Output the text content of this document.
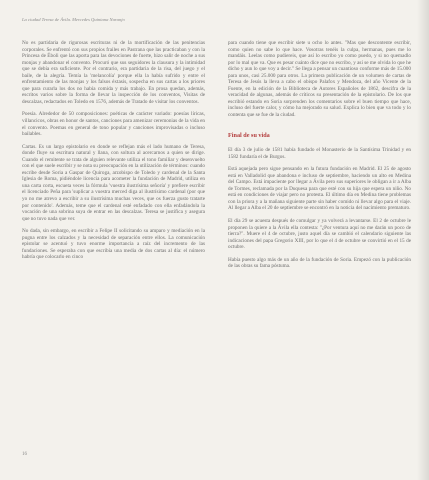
La ciudad Teresa de Ávila. Mercedes Quintana Naranjo

No es partidaria de rigurosas escrituras ni de la mortificación de las penitencias corporales. Se enfrentó con sus propios frailes en Pastrana que las practicaban y con la Princesa de Éboli que las aporta para las devociones de fuerte, hizo salir de noche a sus monjas y abandonar el convento. Procuró que sus seguidores la clausura y la intimidad que se debía era suficiente. Por el contrario, era partidaria de la risa, del juego y el baile, de la alegría. Temía la 'melancolía' porque ella la había sufrido y entre el enfrentamiento de las monjas y los falsos éxtasis, sospecha en sus cartas a los priores que para curarla los dos no había comida y más trabajo. En prosa quedan, además, escritos varios sobre la forma de llevar la inspección de los conventos, Visitas de descalzas, redactados en Toledo en 1576, además de Tratado de visitar los conventos.

Poesía. Alrededor de 50 composiciones: poéticas de carácter variado: poesías líricas, villancicos, obras en honor de santos, canciones para amenizar ceremonias de la vida en el convento. Poemas en general de tono popular y canciones improvisadas o incluso bailables.

Cartas. Es un largo epistolario en donde se reflejan más el lado humano de Teresa, donde fluye su escritura natural y llana, con soltura al acercarnos a quien se dirige. Cuando el remitente se trata de alguien relevante utiliza el tono familiar y desenvuelto con el que suele escribir y se nota su preocupación en la utilización de términos: cuando escribe desde Soria a Gaspar de Quiroga, arzobispo de Toledo y cardenal de la Santa Iglesia de Roma, pidiéndole licencia para acometer la fundación de Madrid, utiliza en una carta corta, escueta veces la fórmula 'vuestra ilustrísima señoría' y prefiere escribir el licenciado Peña para 'suplicar a vuestra merced diga al ilustrísimo cardenal (por que yo no me atrevo a escribir a su ilustrísima muchas veces, que os fuerza gusto tratarte por contenido'. Además, teme que el cardenal esté enfadado con ella enfadándola la vocación de una sobrina suya de entrar en las descalzas. Teresa se justifica y asegura que no tuvo nada que ver.

No dada, sin embargo, en escribir a Felipe II solicitando su amparo y mediación en la pugna entre los calzados y la necesidad de separación entre ellos. La comunicación epistolar se acentuó y tuvo enorme importancia a raíz del incremento de las fundaciones. Se esperaba con que escribía una media de dos cartas al día: el número habría que colocarlo en cinco

para cuando tiene que escribir siete u ocho lo antes. "Mas que descontente escribir, como quien no sabe lo que hace. Vosotras tenéis la culpa, hermanas, pues me lo mandáis. Leelas como pudiereis, que así lo escribo yo como puedo, y si no quemadlo por lo mal que va. Que es pesar cuánto dice que no escribo, y así se me olvida lo que he dicho y aun lo que voy a decir." Se llega a pensar un cuantioso conforme más de 15.000 para unos, casi 25.000 para otros. La primera publicación de un volumen de cartas de Teresa de Jesús la lleva a cabo el obispo Palafox y Mendoza, del año Vicente de la Fuente, en la edición de la Biblioteca de Autores Españoles de 1862, descifra de la veracidad de algunas, además de críticos su presentación de la epistolario. De los que escribió estando en Soria sorprenden los comentarios sobre el buen tiempo que hace, incluso del fuerte calor, y cómo ha mejorado su salud. Explica lo bien que va todo y lo contenta que se fue de la ciudad.

Final de su vida

El día 3 de julio de 1581 había fundado el Monasterio de la Santísima Trinidad y en 1582 fundaría el de Burgos.

Está aquejada pero sigue pensando en la futura fundación en Madrid. El 25 de agosto está en Valladolid que abandona e incluso de septiembre, haciendo un alto en Medina del Campo. Está impaciente por llegar a Ávila pero sus superiores le obligan a ir a Alba de Tormes, reclamada por la Duquesa para que esté con su hija que espera un niño. No está en condiciones de viajar pero no protesta. El último día en Medina tiene problemas con la priora y a la mañana siguiente parte sin haber comido ni llevar algo para el viaje. Al llegar a Alba el 20 de septiembre se encontró en la noticia del nacimiento prematuro.

El día 29 se acuesta después de comulgar y ya volverá a levantarse. El 2 de octubre le proponen la quiere a la Ávila ella contesta: "¿Por ventura aquí no me darán un poco de tierra?". Muere el 4 de octubre, justo aquel día se cambió el calendario siguiente las indicaciones del papa Gregorio XIII, por lo que el 4 de octubre se convirtió en el 15 de octubre.

Había puesto algo más de un año de la fundación de Soria. Empezó con la publicación de las obras su fama póstuma.

16
